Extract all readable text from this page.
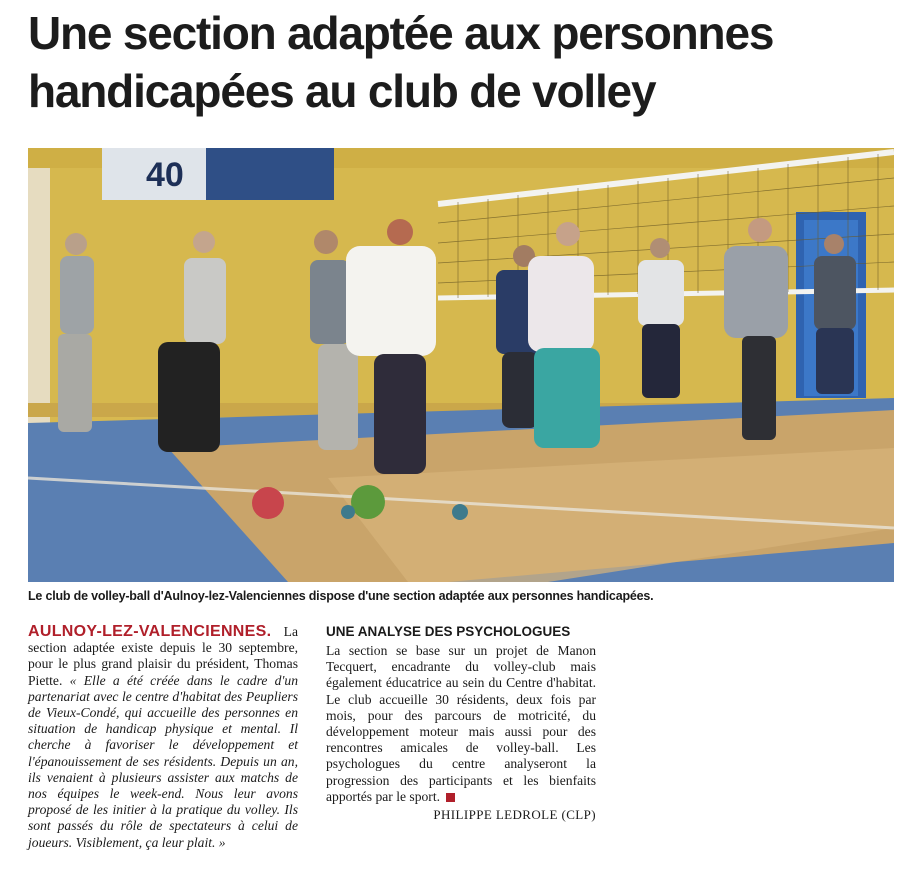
Une section adaptée aux personnes handicapées au club de volley
40
Le club de volley-ball d'Aulnoy-lez-Valenciennes dispose d'une section adaptée aux personnes handicapées.
AULNOY-LEZ-VALENCIENNES. La section adaptée existe depuis le 30 septembre, pour le plus grand plaisir du président, Thomas Piette. « Elle a été créée dans le cadre d'un partenariat avec le centre d'habitat des Peupliers de Vieux-Condé, qui accueille des personnes en situation de handicap physique et mental. Il cherche à favoriser le développement et l'épanouissement de ses résidents. Depuis un an, ils venaient à plusieurs assister aux matchs de nos équipes le week-end. Nous leur avons proposé de les initier à la pratique du volley. Ils sont passés du rôle de spectateurs à celui de joueurs. Visiblement, ça leur plait. »
UNE ANALYSE DES PSYCHOLOGUES
La section se base sur un projet de Manon Tecquert, encadrante du volley-club mais également éducatrice au sein du Centre d'habitat. Le club accueille 30 résidents, deux fois par mois, pour des parcours de motricité, du développement moteur mais aussi pour des rencontres amicales de volley-ball. Les psychologues du centre analyseront la progression des participants et les bienfaits apportés par le sport.
PHILIPPE LEDROLE (CLP)
